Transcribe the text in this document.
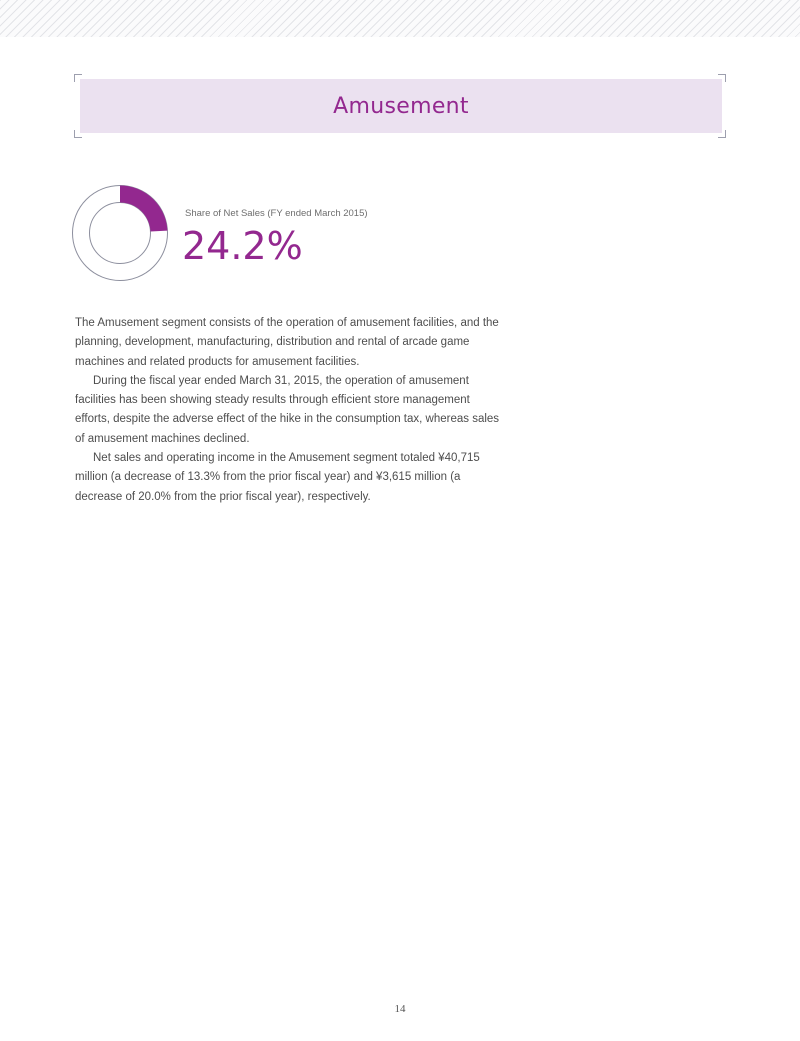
Amusement
Share of Net Sales (FY ended March 2015)
24.2%

The Amusement segment consists of the operation of amusement facilities, and the planning, development, manufacturing, distribution and rental of arcade game machines and related products for amusement facilities.

During the fiscal year ended March 31, 2015, the operation of amusement facilities has been showing steady results through efficient store management efforts, despite the adverse effect of the hike in the consumption tax, whereas sales of amusement machines declined.

Net sales and operating income in the Amusement segment totaled ¥40,715 million (a decrease of 13.3% from the prior fiscal year) and ¥3,615 million (a decrease of 20.0% from the prior fiscal year), respectively.

14
